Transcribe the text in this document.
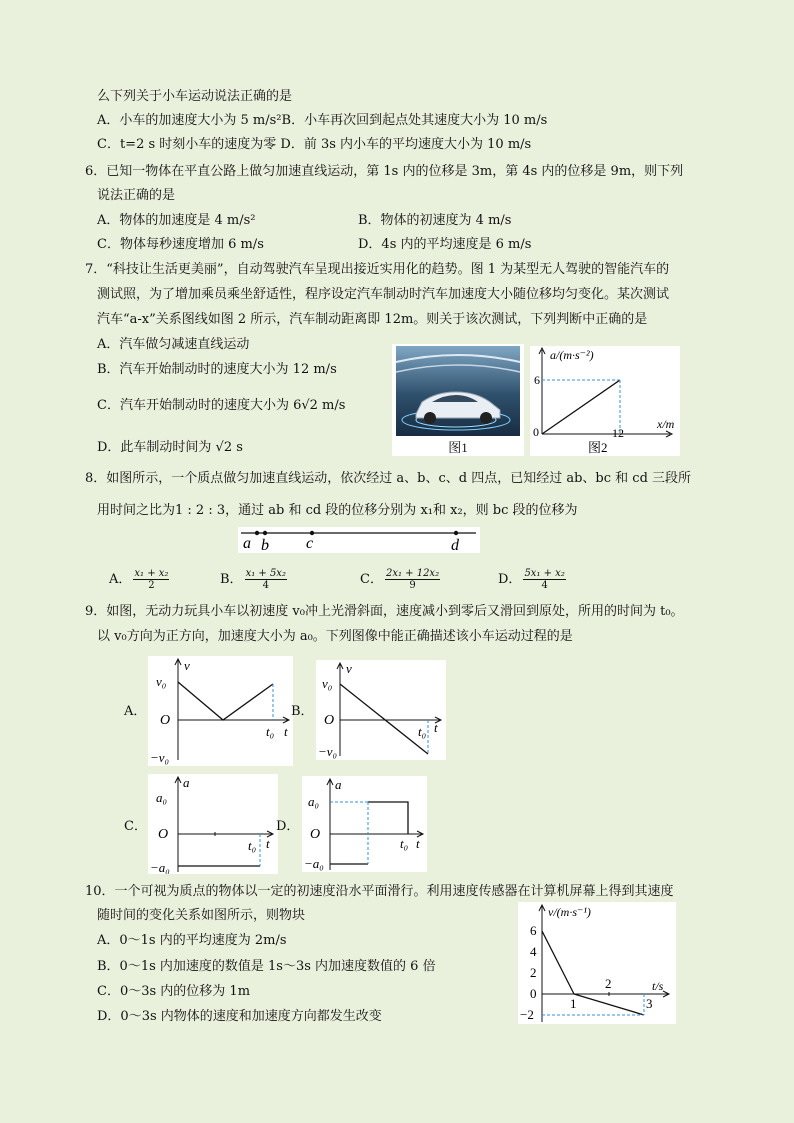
么下列关于小车运动说法正确的是
A．小车的加速度大小为 5 m/s²B．小车再次回到起点处其速度大小为 10 m/s
C．t=2 s 时刻小车的速度为零 D．前 3s 内小车的平均速度大小为 10 m/s
6．已知一物体在平直公路上做匀加速直线运动，第 1s 内的位移是 3m，第 4s 内的位移是 9m，则下列
说法正确的是
A．物体的加速度是 4 m/s²	B．物体的初速度为 4 m/s
C．物体每秒速度增加 6 m/s	D．4s 内的平均速度是 6 m/s
7．“科技让生活更美丽”，自动驾驶汽车呈现出接近实用化的趋势。图 1 为某型无人驾驶的智能汽车的
测试照，为了增加乘员乘坐舒适性，程序设定汽车制动时汽车加速度大小随位移均匀变化。某次测试
汽车“a-x”关系图线如图 2 所示，汽车制动距离即 12m。则关于该次测试，下列判断中正确的是
A．汽车做匀减速直线运动
B．汽车开始制动时的速度大小为 12 m/s
C．汽车开始制动时的速度大小为 6√2 m/s
D．此车制动时间为 √2 s	图1
a/(m·s⁻²)
6
0	12
x/m
图2
8．如图所示，一个质点做匀加速直线运动，依次经过 a、b、c、d 四点，已知经过 ab、bc 和 cd 三段所
用时间之比为1 : 2 : 3，通过 ab 和 cd 段的位移分别为 x₁和 x₂，则 bc 段的位移为
a b c	d
A． $\frac{\text{x₁ + x₂}}{2}$	B． $\frac{\text{x₁ + 5x₂}}{4}$	C． $\frac{\text{2x₁ + 12x₂}}{9}$	D． $\frac{\text{5x₁ + x₂}}{4}$
9．如图，无动力玩具小车以初速度 v₀冲上光滑斜面，速度减小到零后又滑回到原处，所用的时间为 t₀。
以 v₀方向为正方向，加速度大小为 a₀。下列图像中能正确描述该小车运动过程的是
A．
v
v₀
O
−v₀
t₀ t
B．
v
v₀
O
−v₀
t₀ t
C．
a
a₀
O
−a₀
t₀ t
D．
a
a₀
O
−a₀
t₀ t
10．一个可视为质点的物体以一定的初速度沿水平面滑行。利用速度传感器在计算机屏幕上得到其速度
随时间的变化关系如图所示，则物块
A．0～1s 内的平均速度为 2m/s
B．0～1s 内加速度的数值是 1s～3s 内加速度数值的 6 倍
C．0～3s 内的位移为 1m
D．0～3s 内物体的速度和加速度方向都发生改变
v/(m·s⁻¹)
6
4
2
0
−2
1
2
3
t/s
